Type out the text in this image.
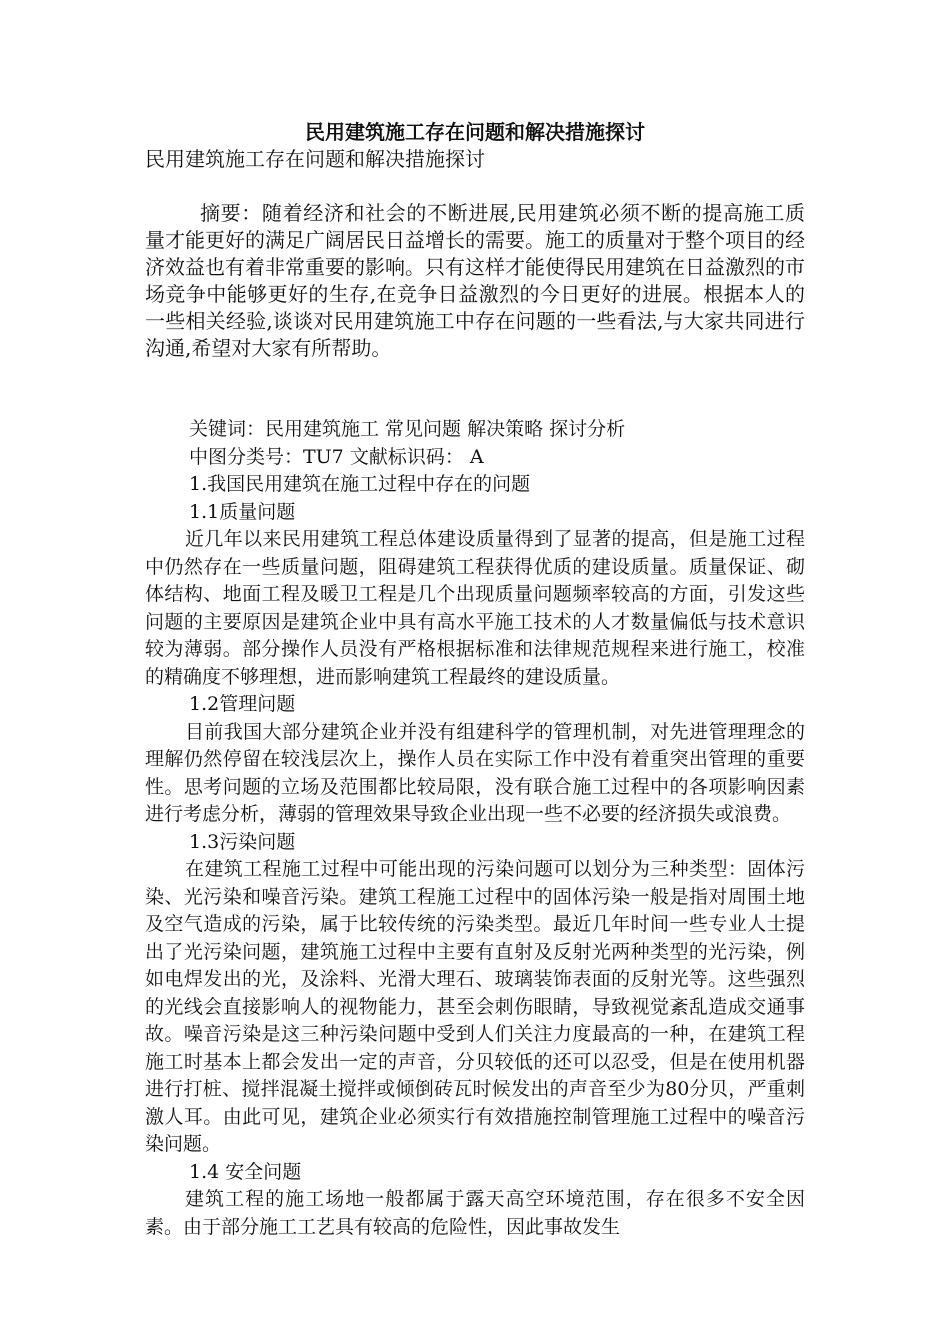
民用建筑施工存在问题和解决措施探讨

民用建筑施工存在问题和解决措施探讨

摘要：随着经济和社会的不断进展,民用建筑必须不断的提高施工质量才能更好的满足广阔居民日益增长的需要。施工的质量对于整个项目的经济效益也有着非常重要的影响。只有这样才能使得民用建筑在日益激烈的市场竞争中能够更好的生存,在竞争日益激烈的今日更好的进展。根据本人的一些相关经验,谈谈对民用建筑施工中存在问题的一些看法,与大家共同进行沟通,希望对大家有所帮助。

关键词：民用建筑施工 常见问题 解决策略 探讨分析

中图分类号：TU7 文献标识码： A

1.我国民用建筑在施工过程中存在的问题

1.1质量问题

近几年以来民用建筑工程总体建设质量得到了显著的提高，但是施工过程中仍然存在一些质量问题，阻碍建筑工程获得优质的建设质量。质量保证、砌体结构、地面工程及暖卫工程是几个出现质量问题频率较高的方面，引发这些问题的主要原因是建筑企业中具有高水平施工技术的人才数量偏低与技术意识较为薄弱。部分操作人员没有严格根据标准和法律规范规程来进行施工，校准的精确度不够理想，进而影响建筑工程最终的建设质量。

1.2管理问题

目前我国大部分建筑企业并没有组建科学的管理机制，对先进管理理念的理解仍然停留在较浅层次上，操作人员在实际工作中没有着重突出管理的重要性。思考问题的立场及范围都比较局限，没有联合施工过程中的各项影响因素进行考虑分析，薄弱的管理效果导致企业出现一些不必要的经济损失或浪费。

1.3污染问题

在建筑工程施工过程中可能出现的污染问题可以划分为三种类型：固体污染、光污染和噪音污染。建筑工程施工过程中的固体污染一般是指对周围土地及空气造成的污染，属于比较传统的污染类型。最近几年时间一些专业人士提出了光污染问题，建筑施工过程中主要有直射及反射光两种类型的光污染，例如电焊发出的光，及涂料、光滑大理石、玻璃装饰表面的反射光等。这些强烈的光线会直接影响人的视物能力，甚至会刺伤眼睛，导致视觉紊乱造成交通事故。噪音污染是这三种污染问题中受到人们关注力度最高的一种，在建筑工程施工时基本上都会发出一定的声音，分贝较低的还可以忍受，但是在使用机器进行打桩、搅拌混凝土搅拌或倾倒砖瓦时候发出的声音至少为80分贝，严重刺激人耳。由此可见，建筑企业必须实行有效措施控制管理施工过程中的噪音污染问题。

1.4 安全问题

建筑工程的施工场地一般都属于露天高空环境范围，存在很多不安全因素。由于部分施工工艺具有较高的危险性，因此事故发生
